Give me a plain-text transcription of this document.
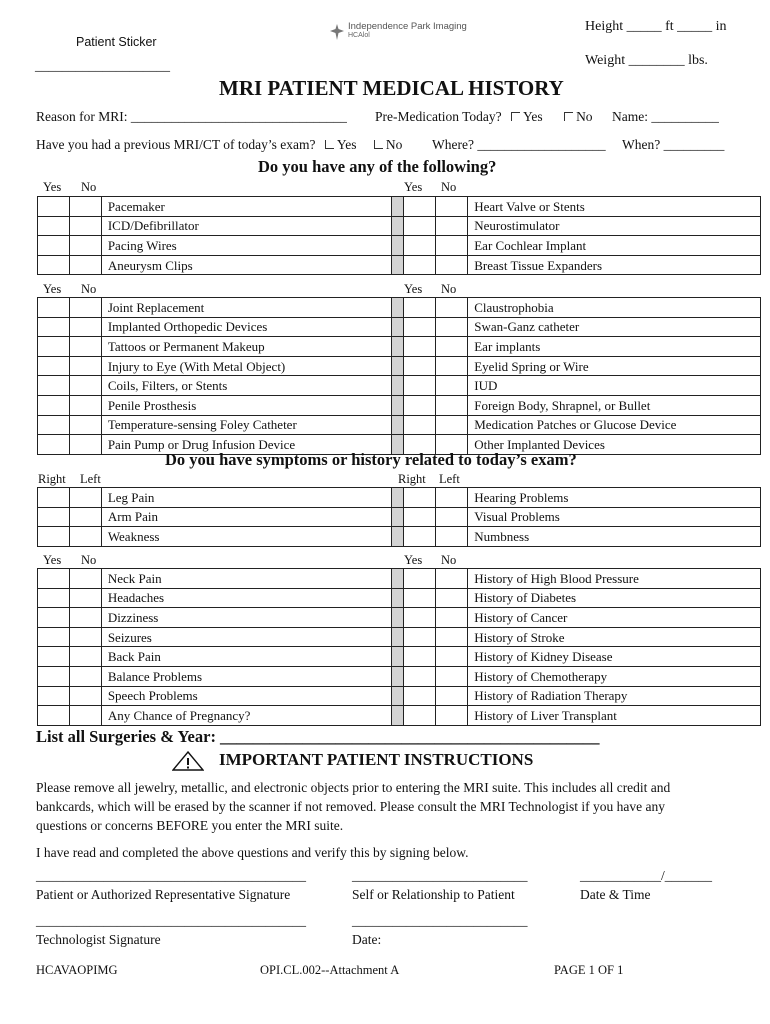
Patient Sticker
____________________
Independence Park Imaging
HCAlol
Height _____ ft _____ in
Weight ________ lbs.
MRI PATIENT MEDICAL HISTORY
Reason for MRI: ________________________________ Pre-Medication Today? Yes No Name: __________
Have you had a previous MRI/CT of today’s exam? Yes No Where? ___________________ When? _________
Do you have any of the following?
Yes No	Yes No
		Pacemaker				Heart Valve or Stents
		ICD/Defibrillator				Neurostimulator
		Pacing Wires				Ear Cochlear Implant
		Aneurysm Clips				Breast Tissue Expanders
Yes No	Yes No
		Joint Replacement				Claustrophobia
		Implanted Orthopedic Devices				Swan-Ganz catheter
		Tattoos or Permanent Makeup				Ear implants
		Injury to Eye (With Metal Object)				Eyelid Spring or Wire
		Coils, Filters, or Stents				IUD
		Penile Prosthesis				Foreign Body, Shrapnel, or Bullet
		Temperature-sensing Foley Catheter				Medication Patches or Glucose Device
		Pain Pump or Drug Infusion Device				Other Implanted Devices
Do you have symptoms or history related to today’s exam?
Right Left	Right Left
		Leg Pain				Hearing Problems
		Arm Pain				Visual Problems
		Weakness				Numbness
Yes No	Yes No
		Neck Pain				History of High Blood Pressure
		Headaches				History of Diabetes
		Dizziness				History of Cancer
		Seizures				History of Stroke
		Back Pain				History of Kidney Disease
		Balance Problems				History of Chemotherapy
		Speech Problems				History of Radiation Therapy
		Any Chance of Pregnancy?				History of Liver Transplant
List all Surgeries & Year: ______________________________________________
IMPORTANT PATIENT INSTRUCTIONS
Please remove all jewelry, metallic, and electronic objects prior to entering the MRI suite. This includes all credit and
bankcards, which will be erased by the scanner if not removed. Please consult the MRI Technologist if you have any
questions or concerns BEFORE you enter the MRI suite.
I have read and completed the above questions and verify this by signing below.
________________________________________	__________________________	____________/_______
Patient or Authorized Representative Signature	Self or Relationship to Patient	Date & Time
________________________________________	__________________________
Technologist Signature	Date:
HCAVAOPIMG	OPI.CL.002--Attachment A	PAGE 1 OF 1
